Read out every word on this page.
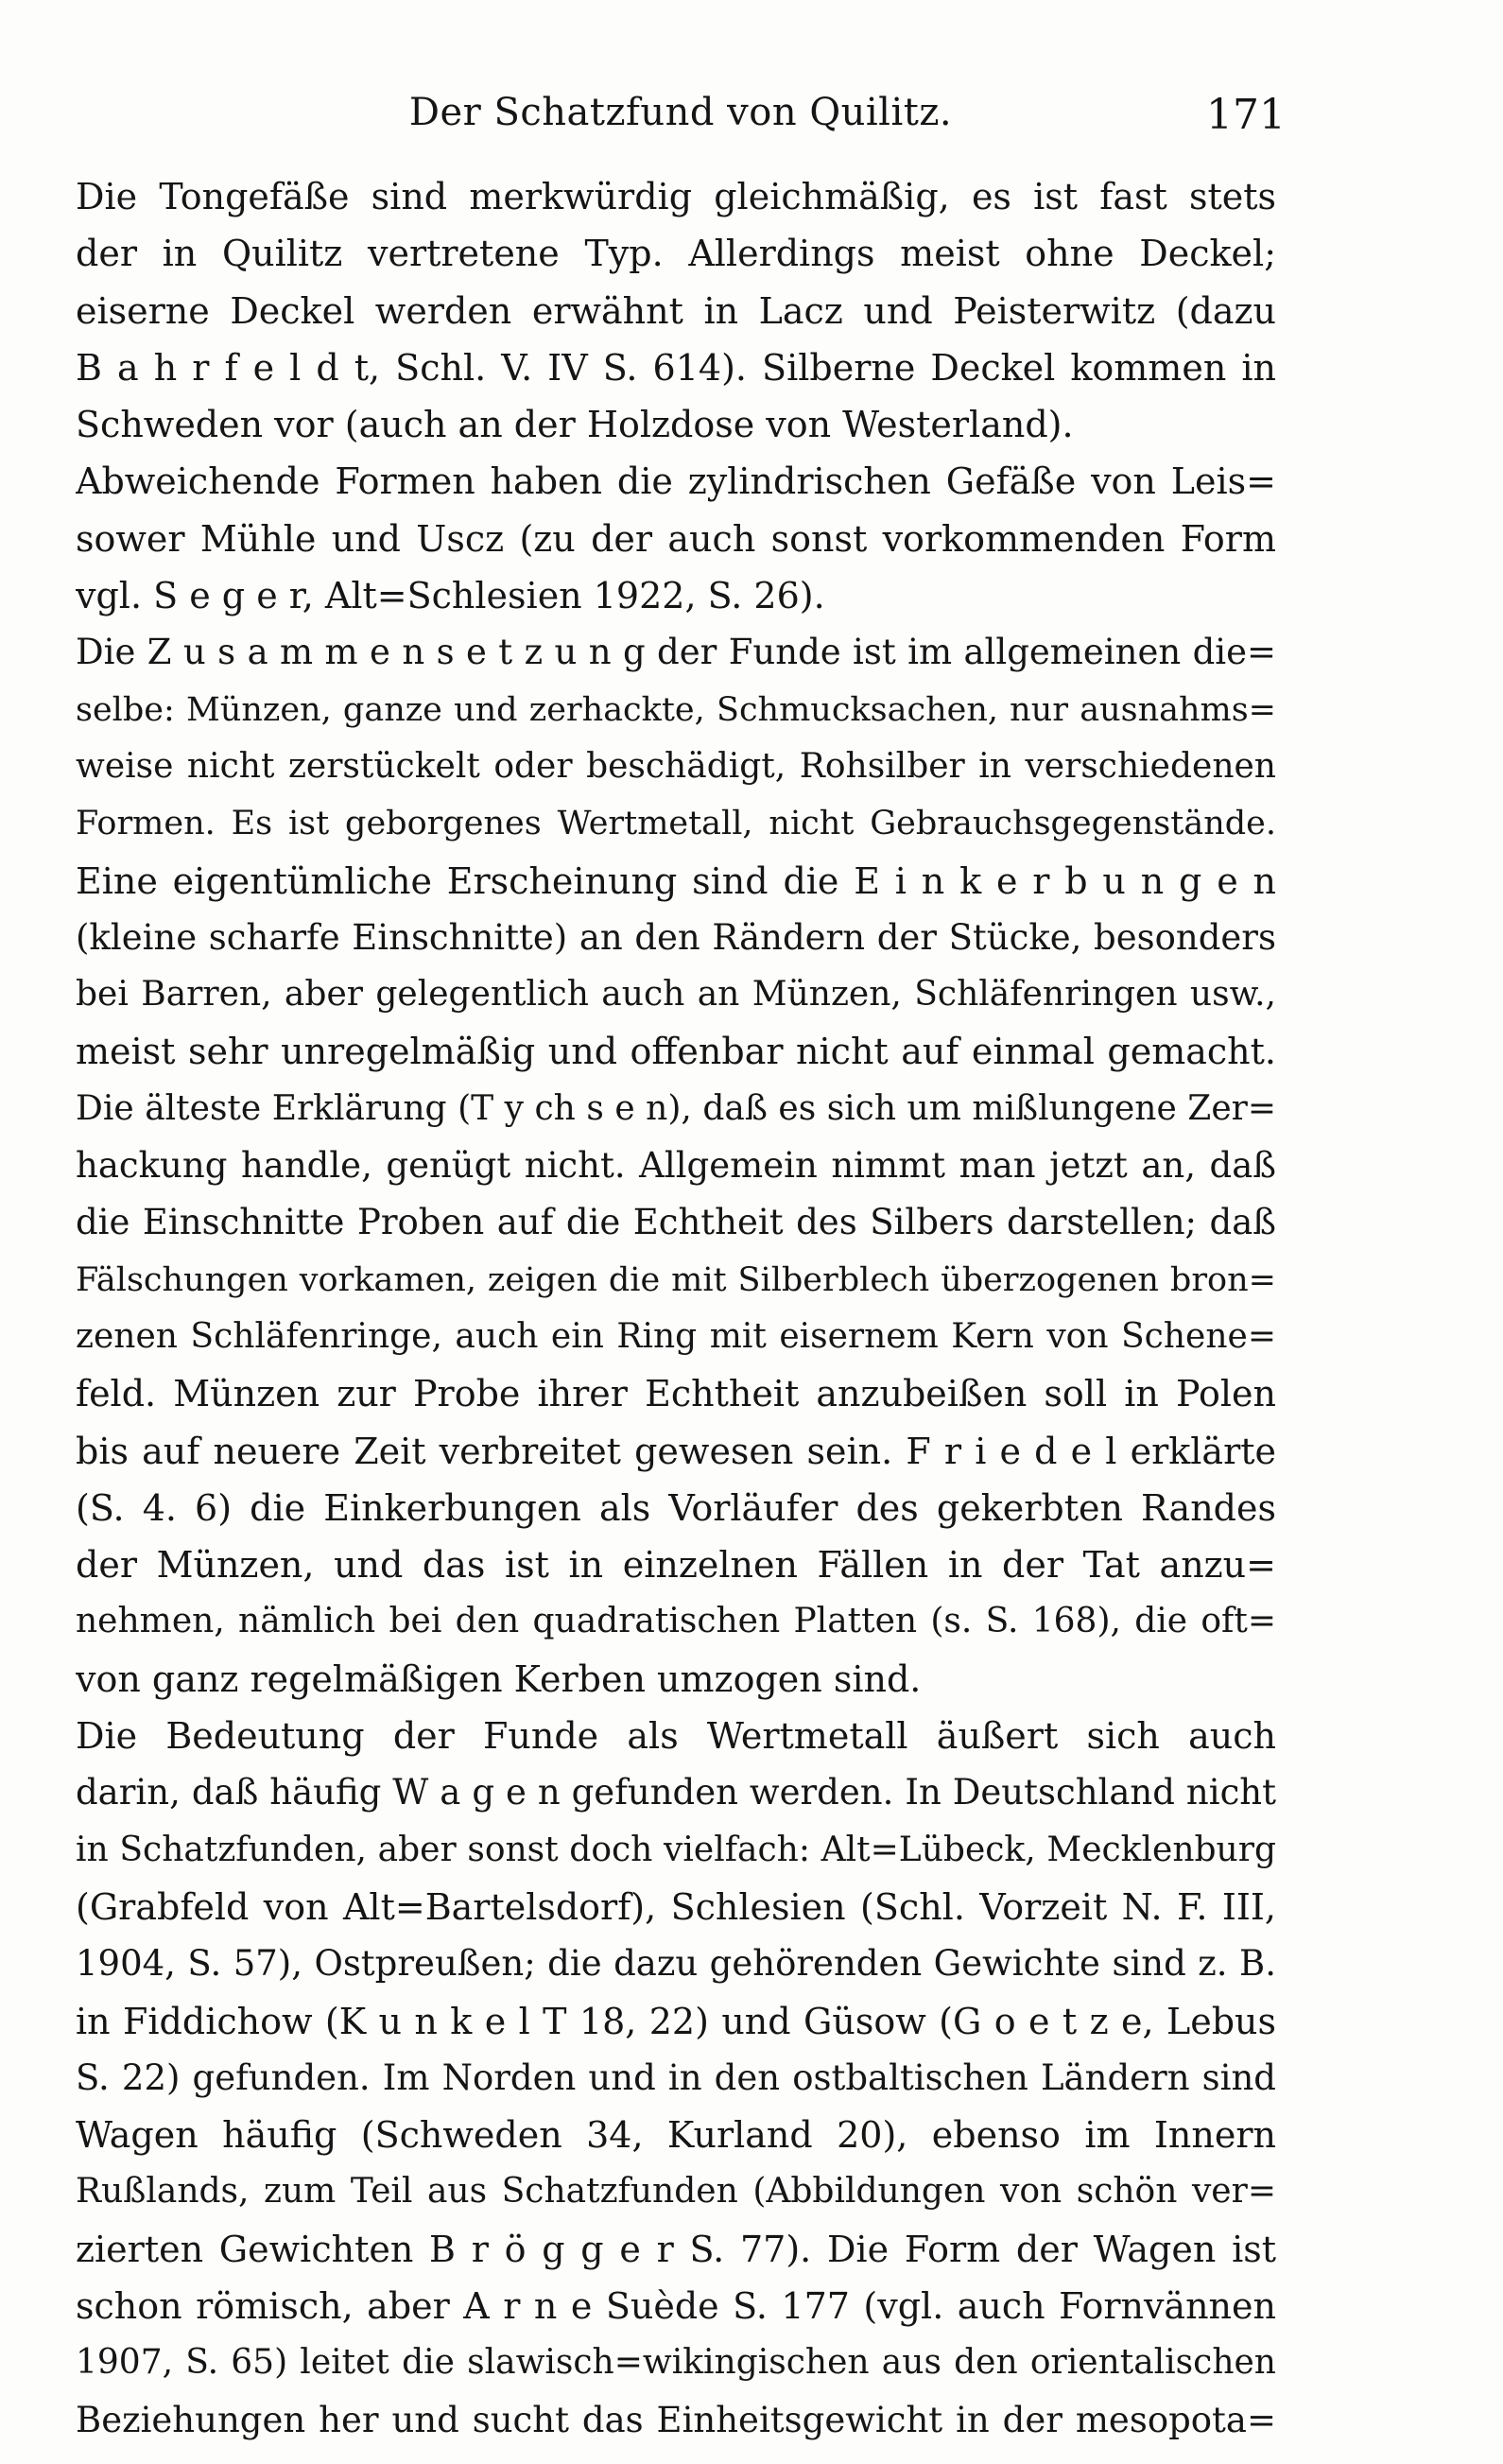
Der Schatzfund von Quilitz.	171
Die Tongefäße sind merkwürdig gleichmäßig, es ist fast stets
der in Quilitz vertretene Typ. Allerdings meist ohne Deckel;
eiserne Deckel werden erwähnt in Lacz und Peisterwitz (dazu
B a h r f e l d t, Schl. V. IV S. 614). Silberne Deckel kommen in
Schweden vor (auch an der Holzdose von Westerland).
Abweichende Formen haben die zylindrischen Gefäße von Leis=
sower Mühle und Uscz (zu der auch sonst vorkommenden Form
vgl. S e g e r, Alt=Schlesien 1922, S. 26).
Die Z u s a m m e n s e t z u n g der Funde ist im allgemeinen die=
selbe: Münzen, ganze und zerhackte, Schmucksachen, nur ausnahms=
weise nicht zerstückelt oder beschädigt, Rohsilber in verschiedenen
Formen. Es ist geborgenes Wertmetall, nicht Gebrauchsgegenstände.
Eine eigentümliche Erscheinung sind die E i n k e r b u n g e n
(kleine scharfe Einschnitte) an den Rändern der Stücke, besonders
bei Barren, aber gelegentlich auch an Münzen, Schläfenringen usw.,
meist sehr unregelmäßig und offenbar nicht auf einmal gemacht.
Die älteste Erklärung (T y ch s e n), daß es sich um mißlungene Zer=
hackung handle, genügt nicht. Allgemein nimmt man jetzt an, daß
die Einschnitte Proben auf die Echtheit des Silbers darstellen; daß
Fälschungen vorkamen, zeigen die mit Silberblech überzogenen bron=
zenen Schläfenringe, auch ein Ring mit eisernem Kern von Schene=
feld. Münzen zur Probe ihrer Echtheit anzubeißen soll in Polen
bis auf neuere Zeit verbreitet gewesen sein. F r i e d e l erklärte
(S. 4. 6) die Einkerbungen als Vorläufer des gekerbten Randes
der Münzen, und das ist in einzelnen Fällen in der Tat anzu=
nehmen, nämlich bei den quadratischen Platten (s. S. 168), die oft=
von ganz regelmäßigen Kerben umzogen sind.
Die Bedeutung der Funde als Wertmetall äußert sich auch
darin, daß häufig W a g e n gefunden werden. In Deutschland nicht
in Schatzfunden, aber sonst doch vielfach: Alt=Lübeck, Mecklenburg
(Grabfeld von Alt=Bartelsdorf), Schlesien (Schl. Vorzeit N. F. III,
1904, S. 57), Ostpreußen; die dazu gehörenden Gewichte sind z. B.
in Fiddichow (K u n k e l T 18, 22) und Güsow (G o e t z e, Lebus
S. 22) gefunden. Im Norden und in den ostbaltischen Ländern sind
Wagen häufig (Schweden 34, Kurland 20), ebenso im Innern
Rußlands, zum Teil aus Schatzfunden (Abbildungen von schön ver=
zierten Gewichten B r ö g g e r S. 77). Die Form der Wagen ist
schon römisch, aber A r n e Suède S. 177 (vgl. auch Fornvännen
1907, S. 65) leitet die slawisch=wikingischen aus den orientalischen
Beziehungen her und sucht das Einheitsgewicht in der mesopota=
